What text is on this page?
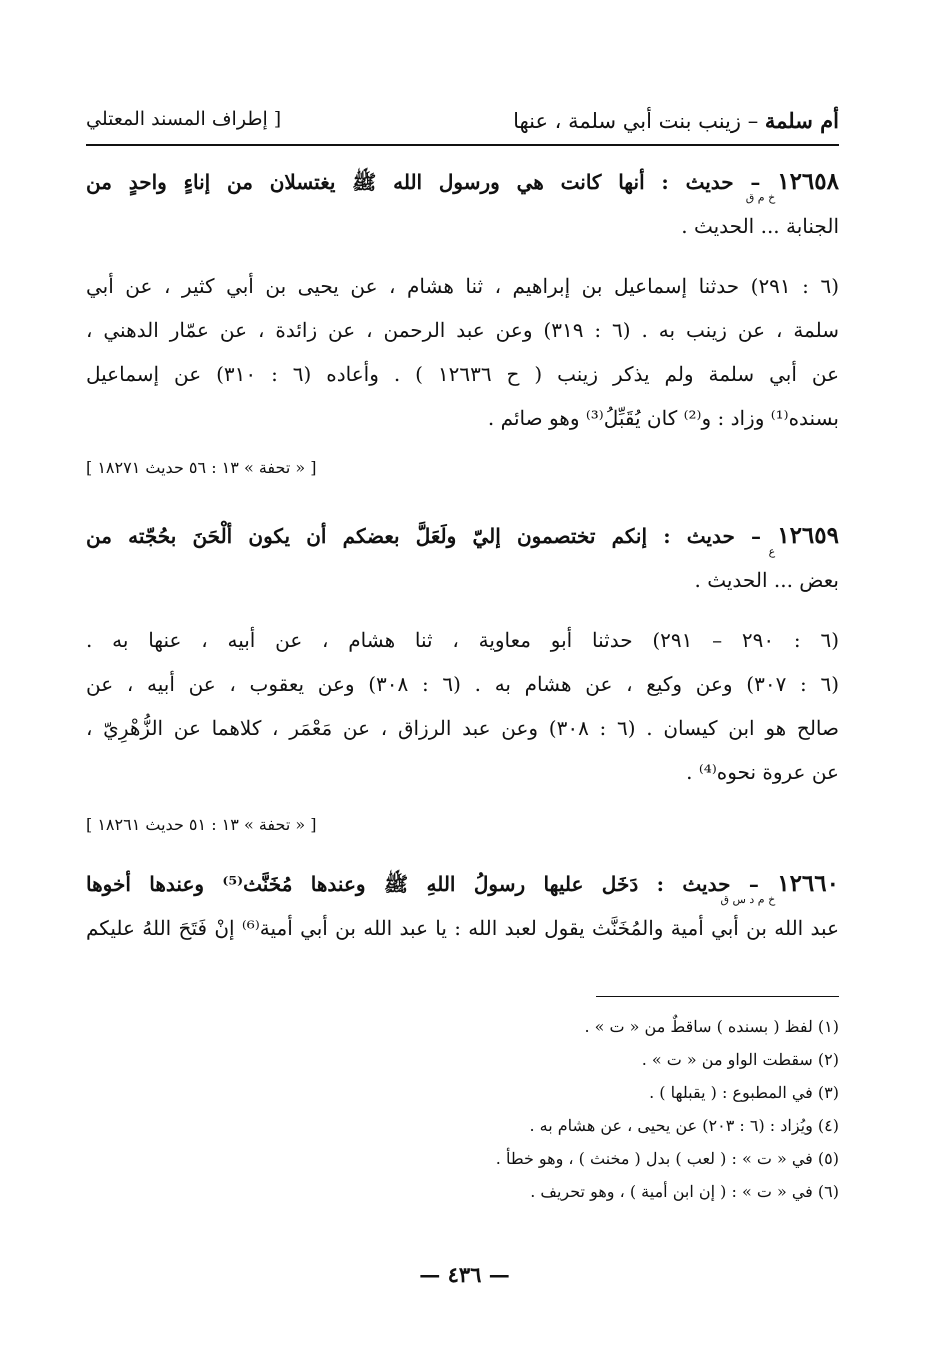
أم سلمة – زينب بنت أبي سلمة ، عنها
[ إطراف المسند المعتلي
١٢٦٥٨ – حديث : أنها كانت هي ورسول الله ﷺ يغتسلان من إناءٍ واحدٍ من
خ م ق
الجنابة ... الحديث .
(٦ : ٢٩١) حدثنا إسماعيل بن إبراهيم ، ثنا هشام ، عن يحيى بن أبي كثير ، عن أبي
سلمة ، عن زينب به . (٦ : ٣١٩) وعن عبد الرحمن ، عن زائدة ، عن عمّار الدهني ،
عن أبي سلمة ولم يذكر زينب ( ح ١٢٦٣٦ ) . وأعاده (٦ : ٣١٠) عن إسماعيل
بسنده⁽¹⁾ وزاد : و⁽²⁾ كان يُقَبِّلُ⁽³⁾ وهو صائم .
[ « تحفة » ١٣ : ٥٦ حديث ١٨٢٧١ ]
١٢٦٥٩ – حديث : إنكم تختصمون إليّ ولَعَلَّ بعضكم أن يكون ألْحَنَ بحُجّته من
ع
بعض ... الحديث .
(٦ : ٢٩٠ – ٢٩١) حدثنا أبو معاوية ، ثنا هشام ، عن أبيه ، عنها به .
(٦ : ٣٠٧) وعن وكيع ، عن هشام به . (٦ : ٣٠٨) وعن يعقوب ، عن أبيه ، عن
صالح هو ابن كيسان . (٦ : ٣٠٨) وعن عبد الرزاق ، عن مَعْمَر ، كلاهما عن الزُّهْرِيّ ،
عن عروة نحوه⁽⁴⁾ .
[ « تحفة » ١٣ : ٥١ حديث ١٨٢٦١ ]
١٢٦٦٠ – حديث : دَخَل عليها رسولُ اللهِ ﷺ وعندها مُخَنَّث⁽⁵⁾ وعندها أخوها
خ م د س ق
عبد الله بن أبي أمية والمُخَنَّث يقول لعبد الله : يا عبد الله بن أبي أمية⁽⁶⁾ إنْ فَتَحَ اللهُ عليكم
(١) لفظ ( بسنده ) ساقطٌ من « ت » .
(٢) سقطت الواو من « ت » .
(٣) في المطبوع : ( يقبلها ) .
(٤) ويُزاد : (٦ : ٢٠٣) عن يحيى ، عن هشام به .
(٥) في « ت » : ( لعب ) بدل ( مخنث ) ، وهو خطأ .
(٦) في « ت » : ( إن ابن أمية ) ، وهو تحريف .
— ٤٣٦ —
